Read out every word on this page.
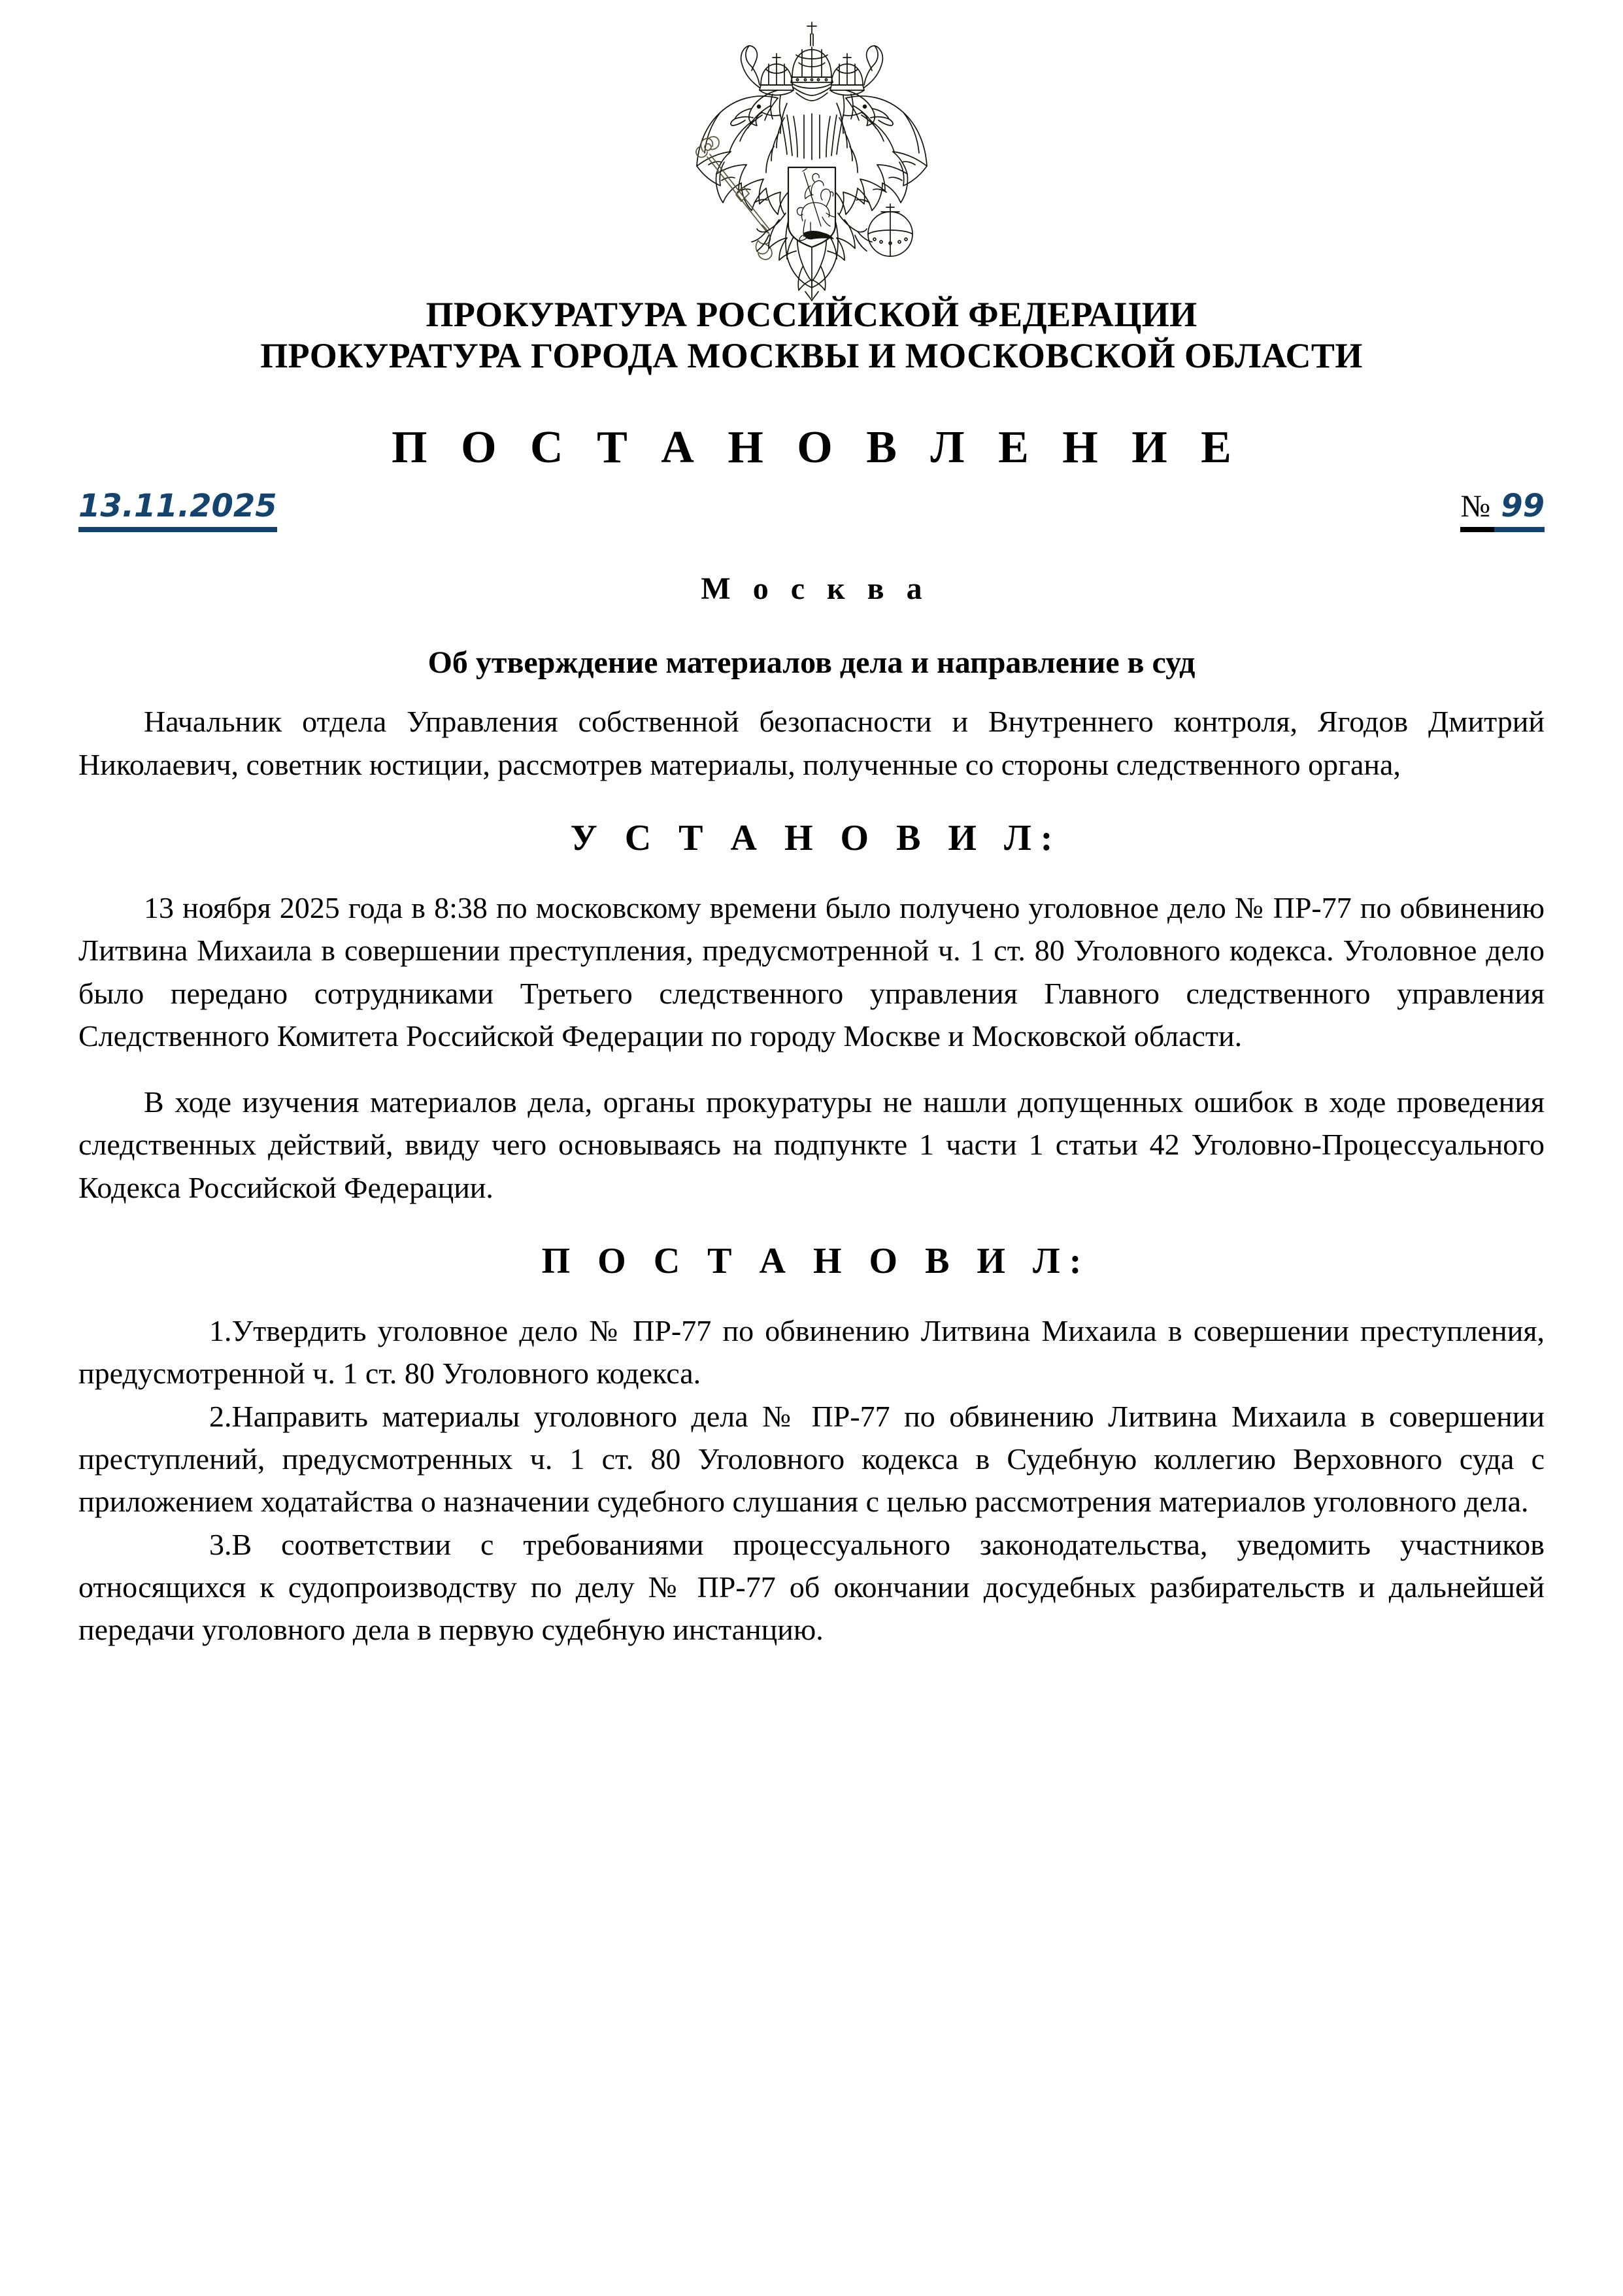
ПРОКУРАТУРА РОССИЙСКОЙ ФЕДЕРАЦИИ
ПРОКУРАТУРА ГОРОДА МОСКВЫ И МОСКОВСКОЙ ОБЛАСТИ
П О С Т А Н О В Л Е Н И Е
13.11.2025	№ 99
М о с к в а
Об утверждение материалов дела и направление в суд

Начальник отдела Управления собственной безопасности и Внутреннего контроля, Ягодов Дмитрий Николаевич, советник юстиции, рассмотрев материалы, полученные со стороны следственного органа,

У С Т А Н О В И Л:

13 ноября 2025 года в 8:38 по московскому времени было получено уголовное дело № ПР-77 по обвинению Литвина Михаила в совершении преступления, предусмотренной ч. 1 ст. 80 Уголовного кодекса. Уголовное дело было передано сотрудниками Третьего следственного управления Главного следственного управления Следственного Комитета Российской Федерации по городу Москве и Московской области.

В ходе изучения материалов дела, органы прокуратуры не нашли допущенных ошибок в ходе проведения следственных действий, ввиду чего основываясь на подпункте 1 части 1 статьи 42 Уголовно-Процессуального Кодекса Российской Федерации.

П О С Т А Н О В И Л:

1.Утвердить уголовное дело № ПР-77 по обвинению Литвина Михаила в совершении преступления, предусмотренной ч. 1 ст. 80 Уголовного кодекса.

2.Направить материалы уголовного дела № ПР-77 по обвинению Литвина Михаила в совершении преступлений, предусмотренных ч. 1 ст. 80 Уголовного кодекса в Судебную коллегию Верховного суда с приложением ходатайства о назначении судебного слушания с целью рассмотрения материалов уголовного дела.

3.В соответствии с требованиями процессуального законодательства, уведомить участников относящихся к судопроизводству по делу № ПР-77 об окончании досудебных разбирательств и дальнейшей передачи уголовного дела в первую судебную инстанцию.
